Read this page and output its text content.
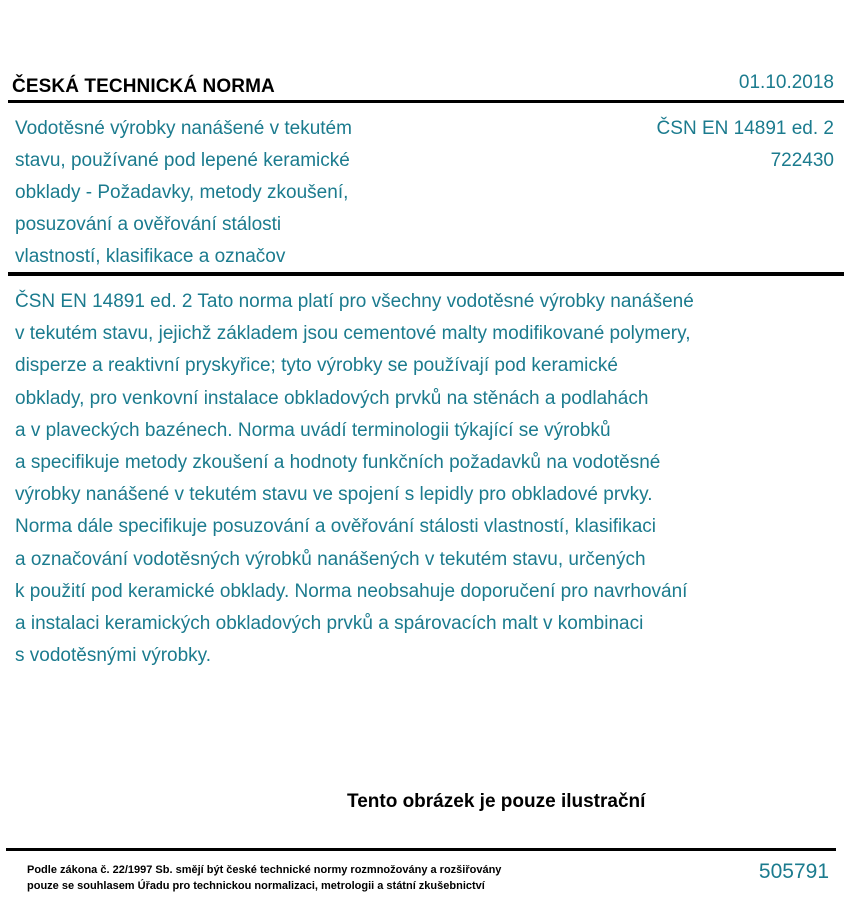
ČESKÁ TECHNICKÁ NORMA	01.10.2018
Vodotěsné výrobky nanášené v tekutém
stavu, používané pod lepené keramické
obklady - Požadavky, metody zkoušení,
posuzování a ověřování stálosti
vlastností, klasifikace a označov
ČSN EN 14891 ed. 2
722430
ČSN EN 14891 ed. 2 Tato norma platí pro všechny vodotěsné výrobky nanášené
v tekutém stavu, jejichž základem jsou cementové malty modifikované polymery,
disperze a reaktivní pryskyřice; tyto výrobky se používají pod keramické
obklady, pro venkovní instalace obkladových prvků na stěnách a podlahách
a v plaveckých bazénech. Norma uvádí terminologii týkající se výrobků
a specifikuje metody zkoušení a hodnoty funkčních požadavků na vodotěsné
výrobky nanášené v tekutém stavu ve spojení s lepidly pro obkladové prvky.
Norma dále specifikuje posuzování a ověřování stálosti vlastností, klasifikaci
a označování vodotěsných výrobků nanášených v tekutém stavu, určených
k použití pod keramické obklady. Norma neobsahuje doporučení pro navrhování
a instalaci keramických obkladových prvků a spárovacích malt v kombinaci
s vodotěsnými výrobky.
Tento obrázek je pouze ilustrační
Podle zákona č. 22/1997 Sb. smějí být české technické normy rozmnožovány a rozšiřovány
pouze se souhlasem Úřadu pro technickou normalizaci, metrologii a státní zkušebnictví
505791
